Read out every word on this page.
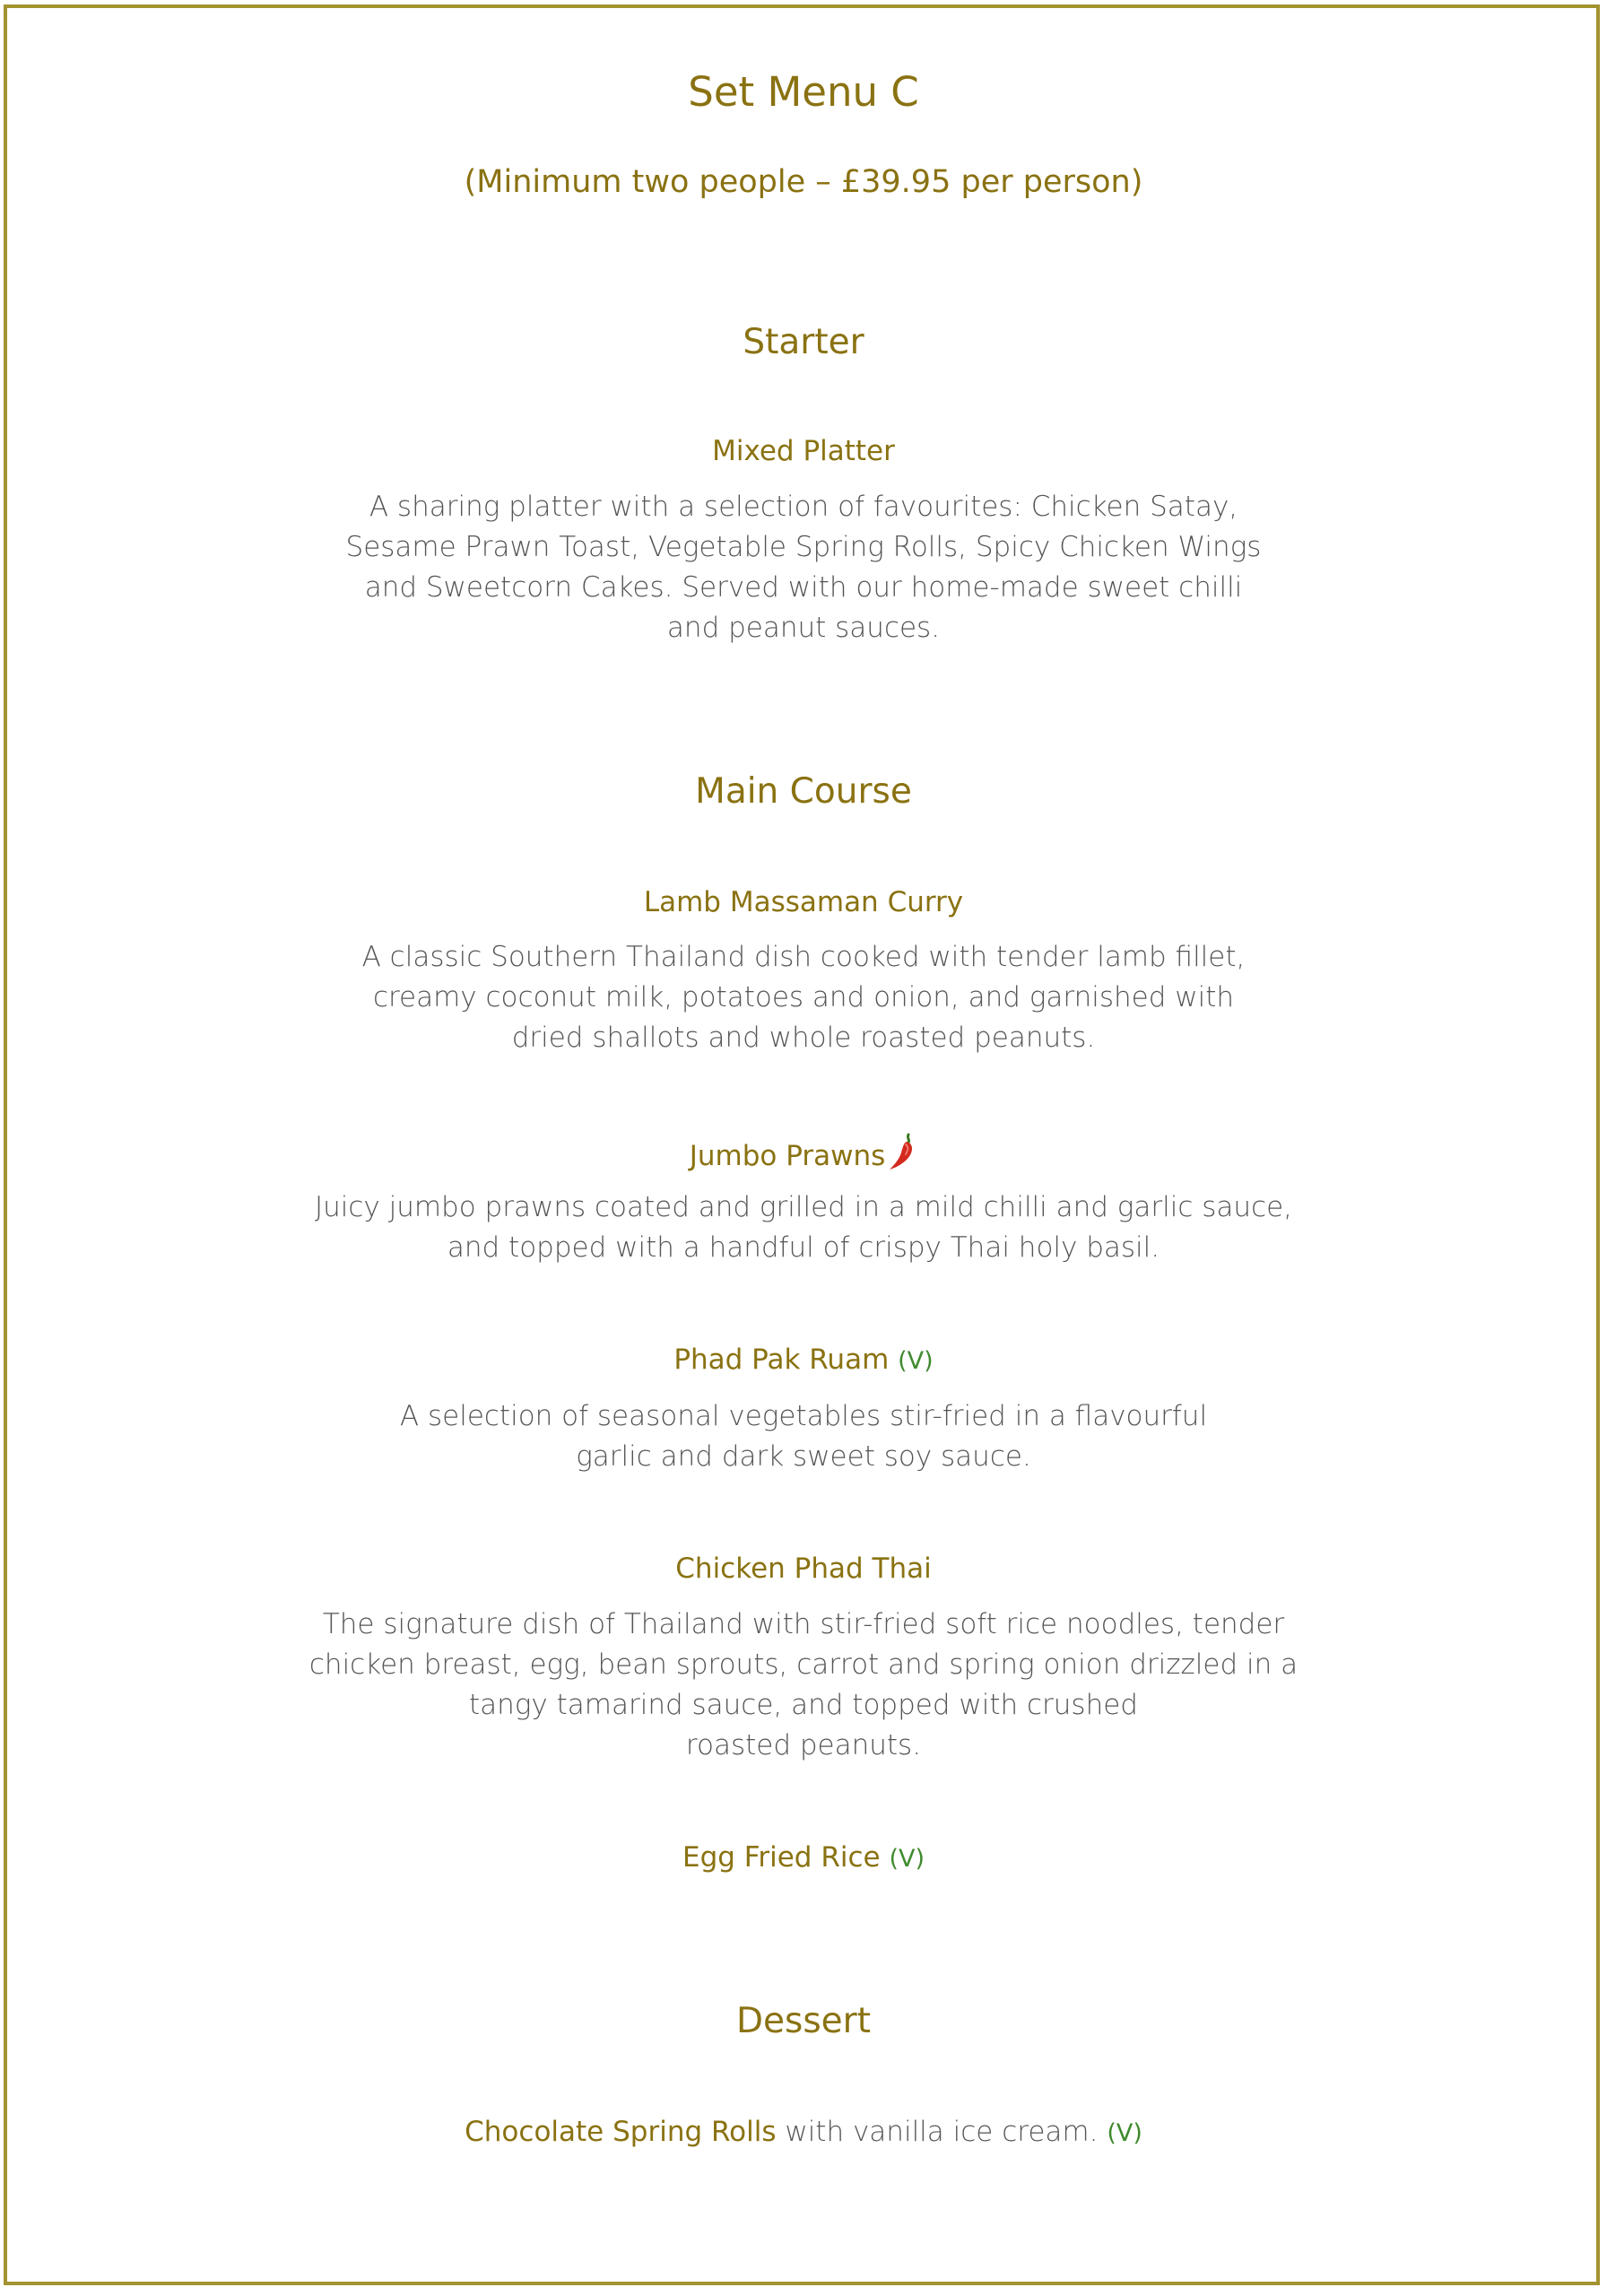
Set Menu C
(Minimum two people – £39.95 per person)
Starter
Mixed Platter
A sharing platter with a selection of favourites: Chicken Satay,
Sesame Prawn Toast, Vegetable Spring Rolls, Spicy Chicken Wings
and Sweetcorn Cakes. Served with our home-made sweet chilli
and peanut sauces.
Main Course
Lamb Massaman Curry
A classic Southern Thailand dish cooked with tender lamb fillet,
creamy coconut milk, potatoes and onion, and garnished with
dried shallots and whole roasted peanuts.
Jumbo Prawns
Juicy jumbo prawns coated and grilled in a mild chilli and garlic sauce,
and topped with a handful of crispy Thai holy basil.
Phad Pak Ruam (V)
A selection of seasonal vegetables stir-fried in a flavourful
garlic and dark sweet soy sauce.
Chicken Phad Thai
The signature dish of Thailand with stir-fried soft rice noodles, tender
chicken breast, egg, bean sprouts, carrot and spring onion drizzled in a
tangy tamarind sauce, and topped with crushed
roasted peanuts.
Egg Fried Rice (V)
Dessert
Chocolate Spring Rolls with vanilla ice cream. (V)
